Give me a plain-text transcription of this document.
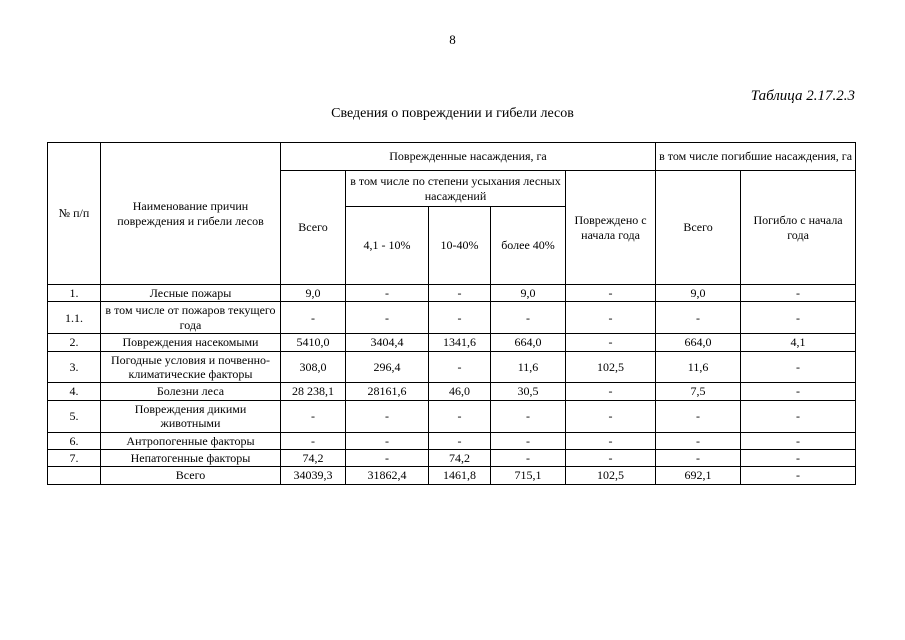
8
Таблица 2.17.2.3
Сведения о повреждении и гибели лесов
№ п/п	Наименование причин повреждения и гибели лесов	Поврежденные насаждения, га					в том числе погибшие насаждения, га	
		Всего	в том числе по степени усыхания лесных насаждений			Повреждено с начала года	Всего	Погибло с начала года
			4,1 - 10%	10-40%	более 40%			
1.	Лесные пожары	9,0	-	-	9,0	-	9,0	-
1.1.	в том числе от пожаров текущего года	-	-	-	-	-	-	-
2.	Повреждения насекомыми	5410,0	3404,4	1341,6	664,0	-	664,0	4,1
3.	Погодные условия и почвенно-климатические факторы	308,0	296,4	-	11,6	102,5	11,6	-
4.	Болезни леса	28 238,1	28161,6	46,0	30,5	-	7,5	-
5.	Повреждения дикими животными	-	-	-	-	-	-	-
6.	Антропогенные факторы	-	-	-	-	-	-	-
7.	Непатогенные факторы	74,2	-	74,2	-	-	-	-
	Всего	34039,3	31862,4	1461,8	715,1	102,5	692,1	-
